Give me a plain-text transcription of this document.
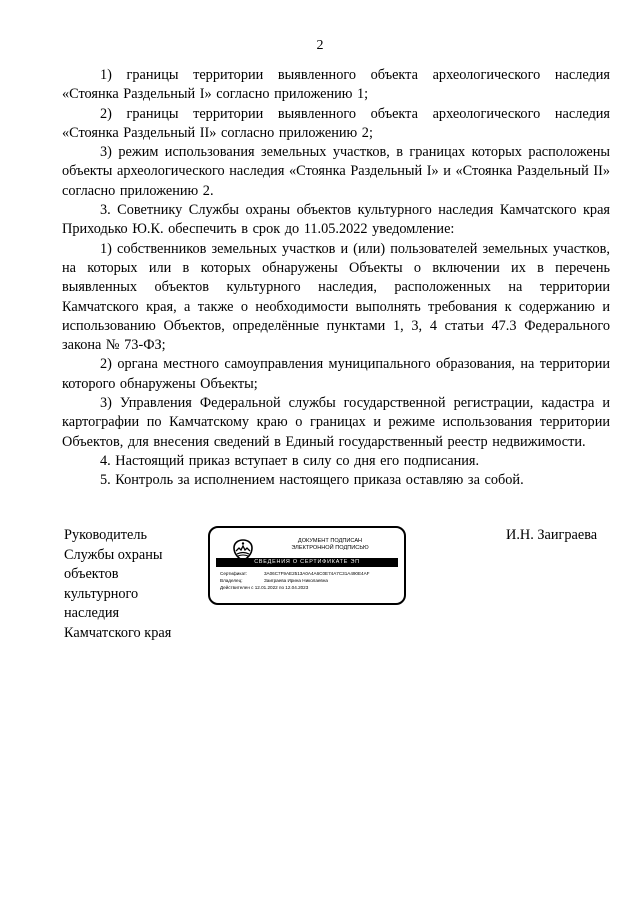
2

1) границы территории выявленного объекта археологического наследия «Стоянка Раздельный I» согласно приложению 1;

2) границы территории выявленного объекта археологического наследия «Стоянка Раздельный II» согласно приложению 2;

3) режим использования земельных участков, в границах которых расположены объекты археологического наследия «Стоянка Раздельный I» и «Стоянка Раздельный II» согласно приложению 2.

3. Советнику Службы охраны объектов культурного наследия Камчатского края Приходько Ю.К. обеспечить в срок до 11.05.2022 уведомление:

1) собственников земельных участков и (или) пользователей земельных участков, на которых или в которых обнаружены Объекты о включении их в перечень выявленных объектов культурного наследия, расположенных на территории Камчатского края, а также о необходимости выполнять требования к содержанию и использованию Объектов, определённые пунктами 1, 3, 4 статьи 47.3 Федерального закона № 73-ФЗ;

2) органа местного самоуправления муниципального образования, на территории которого обнаружены Объекты;

3) Управления Федеральной службы государственной регистрации, кадастра и картографии по Камчатскому краю о границах и режиме использования территории Объектов, для внесения сведений в Единый государственный реестр недвижимости.

4. Настоящий приказ вступает в силу со дня его подписания.

5. Контроль за исполнением настоящего приказа оставляю за собой.

Руководитель
Службы охраны
объектов
культурного
наследия
Камчатского края
ДОКУМЕНТ ПОДПИСАН
ЭЛЕКТРОННОЙ ПОДПИСЬЮ
СВЕДЕНИЯ О СЕРТИФИКАТЕ ЭП
Сертификат:	3A06C7F9AE2513A0A4A6C0E74A7C31A490E4AF
Владелец:	Заиграева Ирина Николаевна
Действителен с 12.01.2022 по 12.04.2023
И.Н. Заиграева
